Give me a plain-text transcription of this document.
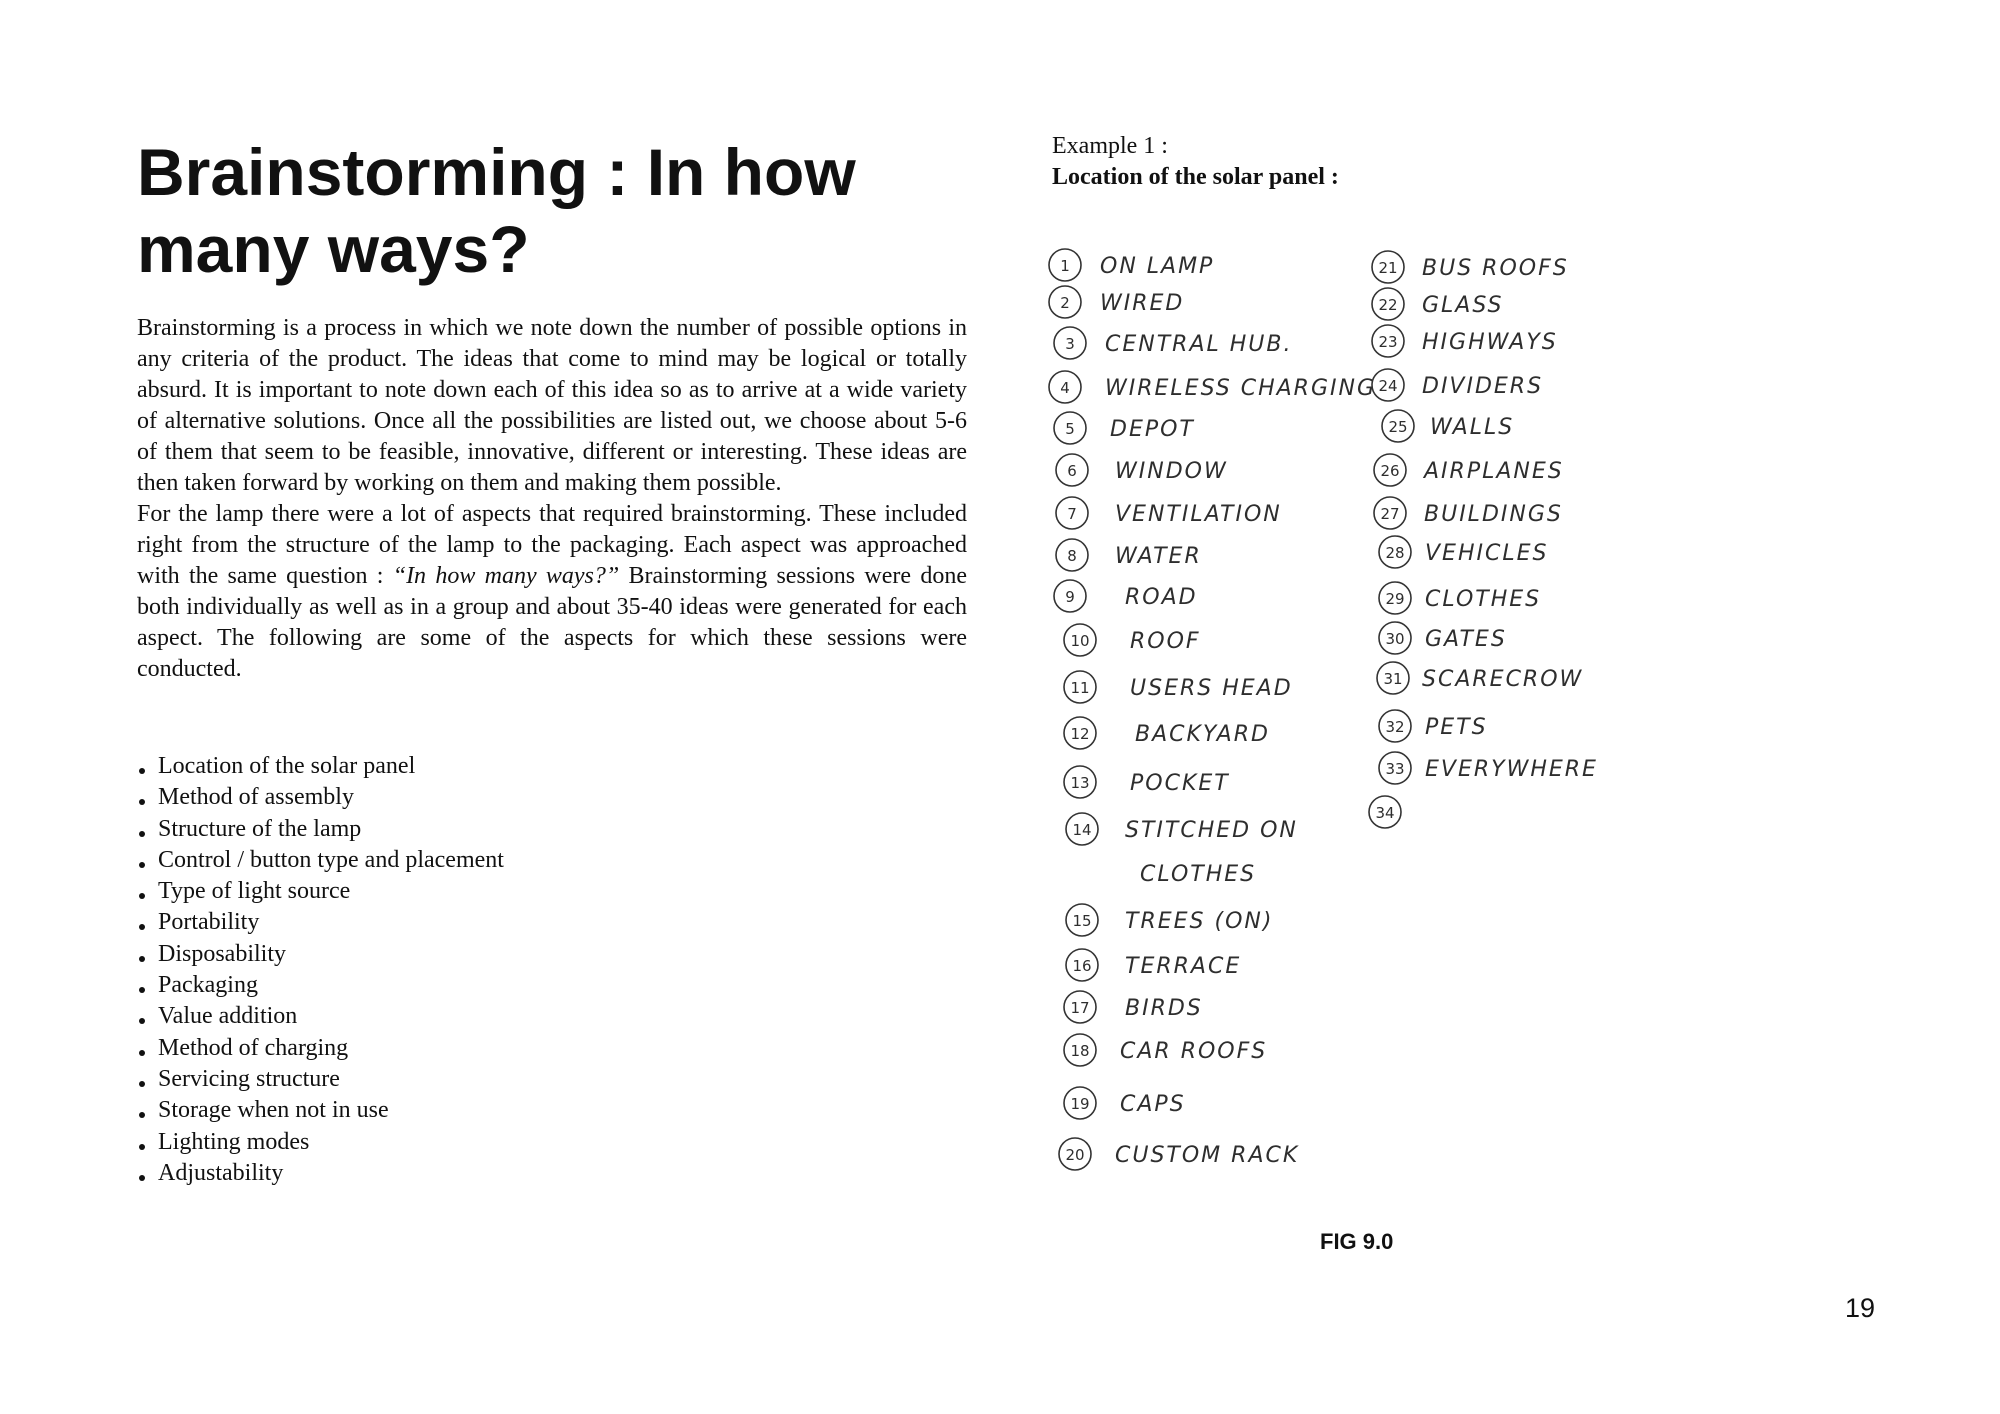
Brainstorming : In how many ways?

Brainstorming is a process in which we note down the number of possible options in any criteria of the product. The ideas that come to mind may be logical or totally absurd. It is important to note down each of this idea so as to arrive at a wide variety of alternative solutions. Once all the possibilities are listed out, we choose about 5-6 of them that seem to be feasible, innovative, different or interesting. These ideas are then taken forward by working on them and making them possible.

For the lamp there were a lot of aspects that required brainstorming. These included right from the structure of the lamp to the packaging. Each aspect was approached with the same question : “In how many ways?” Brainstorming sessions were done both individually as well as in a group and about 35-40 ideas were generated for each aspect. The following are some of the aspects for which these sessions were conducted.

Location of the solar panel
Method of assembly
Structure of the lamp
Control / button type and placement
Type of light source
Portability
Disposability
Packaging
Value addition
Method of charging
Servicing structure
Storage when not in use
Lighting modes
Adjustability
Example 1 :
Location of the solar panel :
1 ON LAMP
2 WIRED
3 CENTRAL HUB.
4 WIRELESS CHARGING
5 DEPOT
6 WINDOW
7 VENTILATION
8 WATER
9 ROAD
10 ROOF
11 USERS HEAD
12 BACKYARD
13 POCKET
14 STITCHED ON
CLOTHES
15 TREES (ON)
16 TERRACE
17 BIRDS
18 CAR ROOFS
19 CAPS
20 CUSTOM RACK
21 BUS ROOFS
22 GLASS
23 HIGHWAYS
24 DIVIDERS
25 WALLS
26 AIRPLANES
27 BUILDINGS
28 VEHICLES
29 CLOTHES
30 GATES
31 SCARECROW
32 PETS
33 EVERYWHERE
34
FIG 9.0
19
